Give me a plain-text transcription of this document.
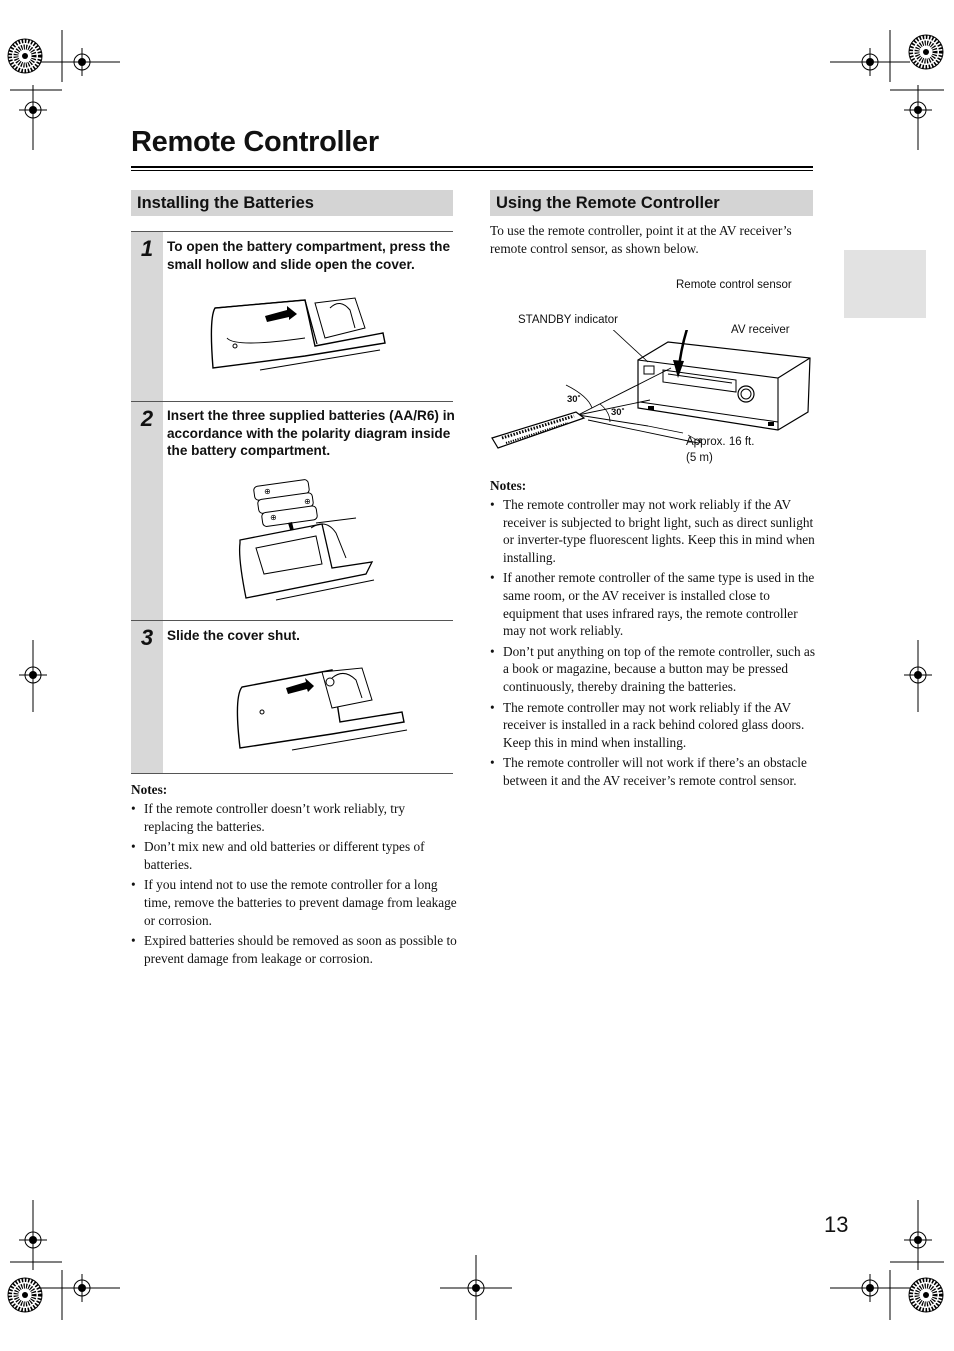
Remote Controller
Installing the Batteries
1	To open the battery compartment, press the small hollow and slide open the cover.
2	Insert the three supplied batteries (AA/R6) in accordance with the polarity diagram inside the battery compartment.
⊕
⊕
⊕
3	Slide the cover shut.
Notes:
• If the remote controller doesn’t work reliably, try replacing the batteries.
• Don’t mix new and old batteries or different types of batteries.
• If you intend not to use the remote controller for a long time, remove the batteries to prevent damage from leakage or corrosion.
• Expired batteries should be removed as soon as possible to prevent damage from leakage or corrosion.
Using the Remote Controller
To use the remote controller, point it at the AV receiver’s remote control sensor, as shown below.
Remote control sensor
STANDBY indicator
AV receiver
30˚
30˚
Approx. 16 ft.
(5 m)
Notes:
• The remote controller may not work reliably if the AV receiver is subjected to bright light, such as direct sunlight or inverter-type fluorescent lights. Keep this in mind when installing.
• If another remote controller of the same type is used in the same room, or the AV receiver is installed close to equipment that uses infrared rays, the remote controller may not work reliably.
• Don’t put anything on top of the remote controller, such as a book or magazine, because a button may be pressed continuously, thereby draining the batteries.
• The remote controller may not work reliably if the AV receiver is installed in a rack behind colored glass doors. Keep this in mind when installing.
• The remote controller will not work if there’s an obstacle between it and the AV receiver’s remote control sensor.
13
